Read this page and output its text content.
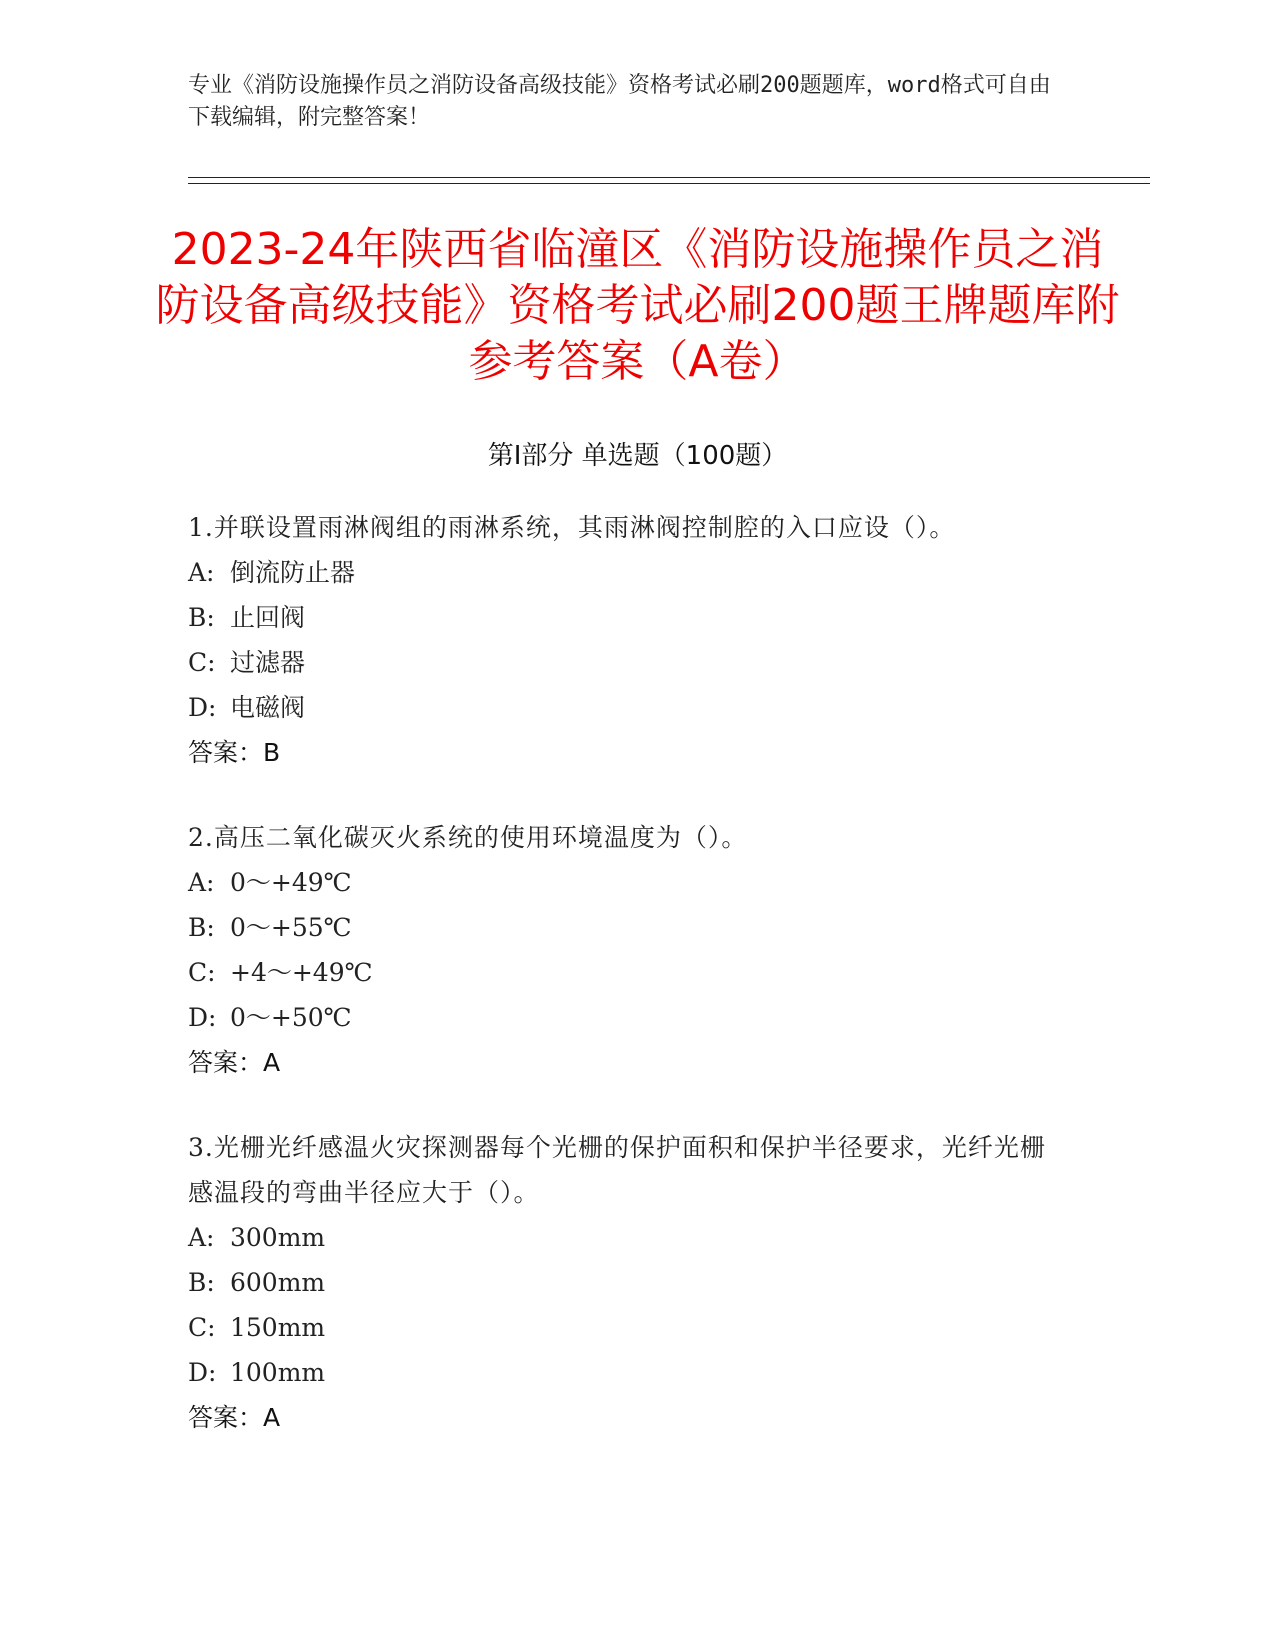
专业《消防设施操作员之消防设备高级技能》资格考试必刷200题题库，word格式可自由下载编辑，附完整答案！
2023-24年陕西省临潼区《消防设施操作员之消防设备高级技能》资格考试必刷200题王牌题库附参考答案（A卷）
第I部分 单选题（100题）
1.并联设置雨淋阀组的雨淋系统，其雨淋阀控制腔的入口应设（）。
A: 倒流防止器
B: 止回阀
C: 过滤器
D: 电磁阀
答案：B
2.高压二氧化碳灭火系统的使用环境温度为（）。
A: 0～+49℃
B: 0～+55℃
C: +4～+49℃
D: 0～+50℃
答案：A
3.光栅光纤感温火灾探测器每个光栅的保护面积和保护半径要求，光纤光栅感温段的弯曲半径应大于（）。
A: 300mm
B: 600mm
C: 150mm
D: 100mm
答案：A
